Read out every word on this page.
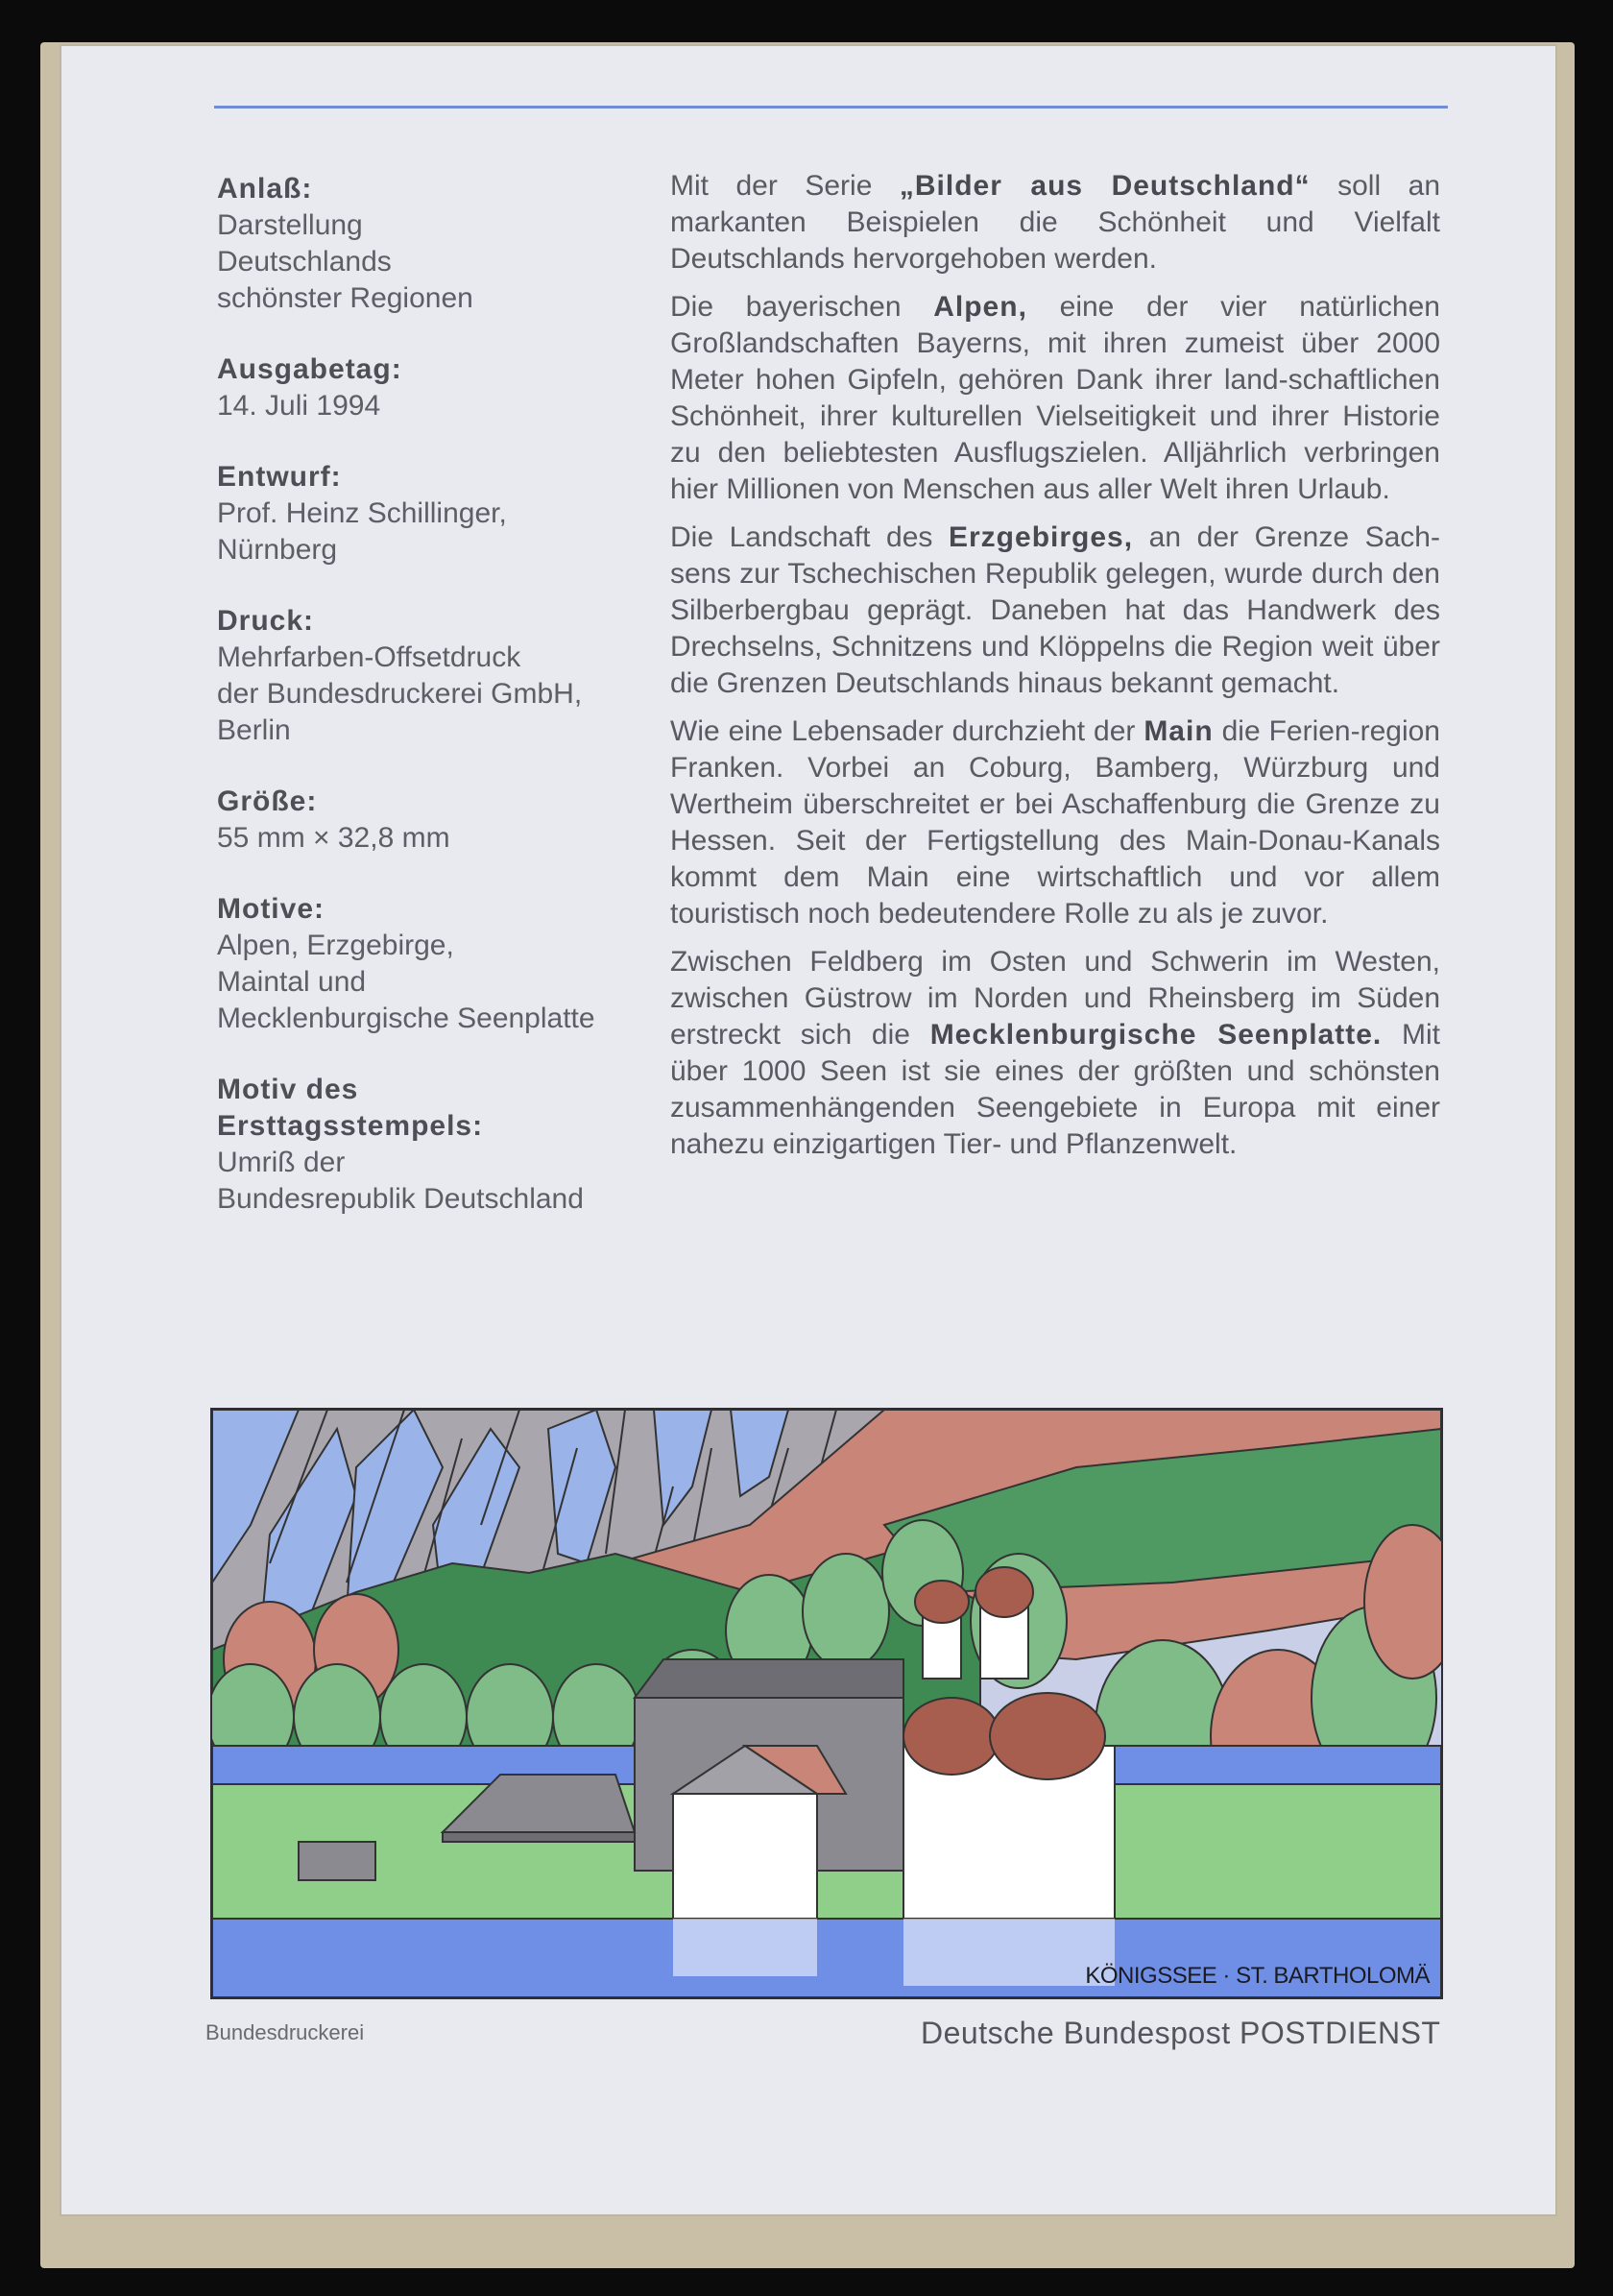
Anlaß:
Darstellung
Deutschlands
schönster Regionen
Ausgabetag:
14. Juli 1994
Entwurf:
Prof. Heinz Schillinger,
Nürnberg
Druck:
Mehrfarben-Offsetdruck
der Bundesdruckerei GmbH,
Berlin
Größe:
55 mm × 32,8 mm
Motive:
Alpen, Erzgebirge,
Maintal und
Mecklenburgische Seenplatte
Motiv des
Ersttagsstempels:
Umriß der
Bundesrepublik Deutschland

Mit der Serie „Bilder aus Deutschland“ soll an markanten Beispielen die Schönheit und Vielfalt Deutschlands hervorgehoben werden.

Die bayerischen Alpen, eine der vier natürlichen Großlandschaften Bayerns, mit ihren zumeist über 2000 Meter hohen Gipfeln, gehören Dank ihrer land-schaftlichen Schönheit, ihrer kulturellen Vielseitigkeit und ihrer Historie zu den beliebtesten Ausflugszielen. Alljährlich verbringen hier Millionen von Menschen aus aller Welt ihren Urlaub.

Die Landschaft des Erzgebirges, an der Grenze Sach-sens zur Tschechischen Republik gelegen, wurde durch den Silberbergbau geprägt. Daneben hat das Handwerk des Drechselns, Schnitzens und Klöppelns die Region weit über die Grenzen Deutschlands hinaus bekannt gemacht.

Wie eine Lebensader durchzieht der Main die Ferien-region Franken. Vorbei an Coburg, Bamberg, Würzburg und Wertheim überschreitet er bei Aschaffenburg die Grenze zu Hessen. Seit der Fertigstellung des Main-Donau-Kanals kommt dem Main eine wirtschaftlich und vor allem touristisch noch bedeutendere Rolle zu als je zuvor.

Zwischen Feldberg im Osten und Schwerin im Westen, zwischen Güstrow im Norden und Rheinsberg im Süden erstreckt sich die Mecklenburgische Seenplatte. Mit über 1000 Seen ist sie eines der größten und schönsten zusammenhängenden Seengebiete in Europa mit einer nahezu einzigartigen Tier- und Pflanzenwelt.

KÖNIGSSEE · ST. BARTHOLOMÄ
Bundesdruckerei	Deutsche Bundespost POSTDIENST
